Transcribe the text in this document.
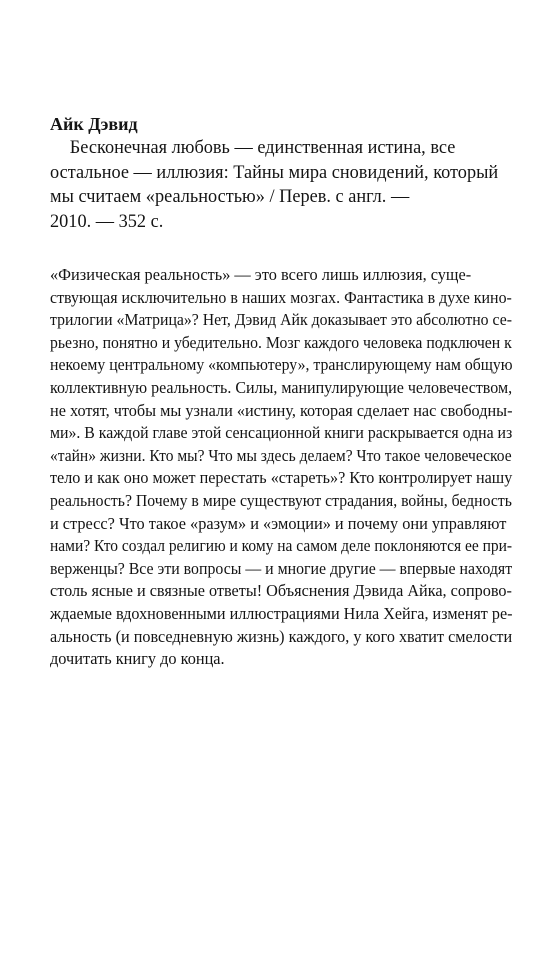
Айк Дэвид

Бесконечная любовь — единственная истина, все

остальное — иллюзия: Тайны мира сновидений, который

мы считаем «реальностью» / Перев. с англ. —

2010. — 352 с.

«Физическая реальность» — это всего лишь иллюзия, суще-

ствующая исключительно в наших мозгах. Фантастика в духе кино-

трилогии «Матрица»? Нет, Дэвид Айк доказывает это абсолютно се-

рьезно, понятно и убедительно. Мозг каждого человека подключен к

некоему центральному «компьютеру», транслирующему нам общую

коллективную реальность. Силы, манипулирующие человечеством,

не хотят, чтобы мы узнали «истину, которая сделает нас свободны-

ми». В каждой главе этой сенсационной книги раскрывается одна из

«тайн» жизни. Кто мы? Что мы здесь делаем? Что такое человеческое

тело и как оно может перестать «стареть»? Кто контролирует нашу

реальность? Почему в мире существуют страдания, войны, бедность

и стресс? Что такое «разум» и «эмоции» и почему они управляют

нами? Кто создал религию и кому на самом деле поклоняются ее при-

верженцы? Все эти вопросы — и многие другие — впервые находят

столь ясные и связные ответы! Объяснения Дэвида Айка, сопрово-

ждаемые вдохновенными иллюстрациями Нила Хейга, изменят ре-

альность (и повседневную жизнь) каждого, у кого хватит смелости

дочитать книгу до конца.
